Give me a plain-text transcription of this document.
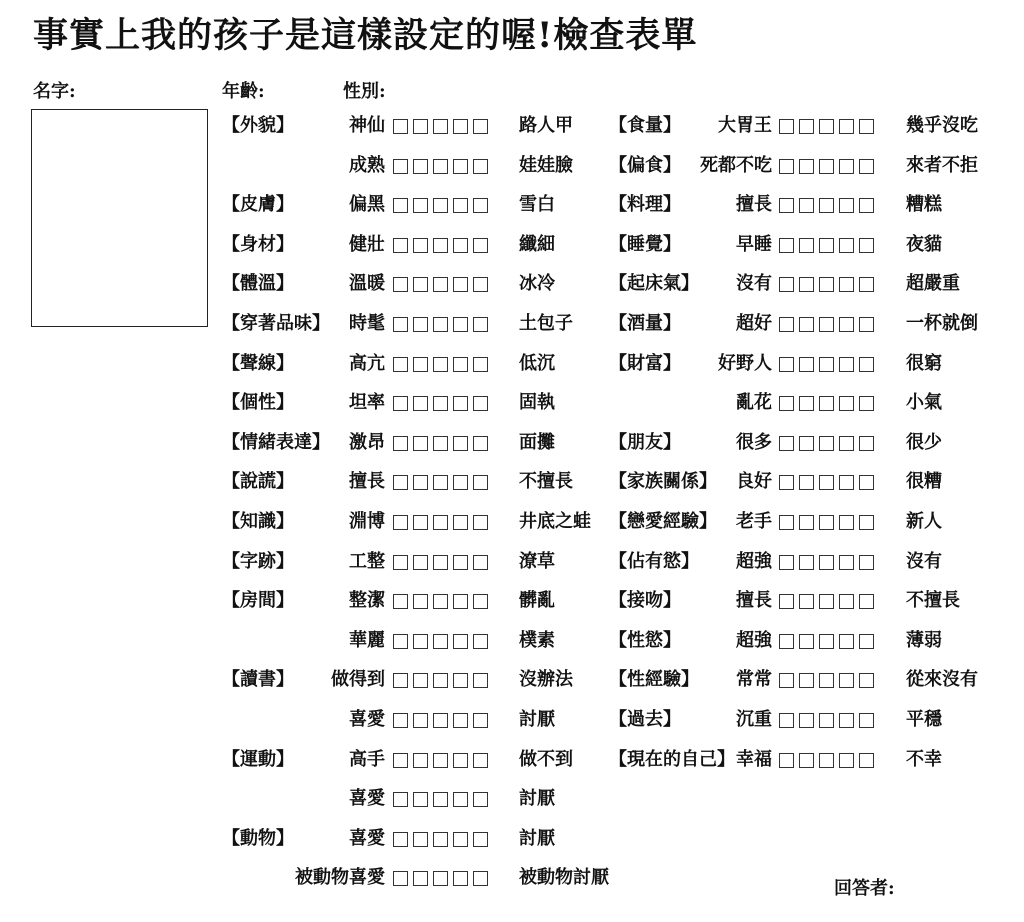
事實上我的孩子是這樣設定的喔!檢查表單
名字:	年齡:	性別:
【外貌】	神仙	路人甲
成熟	娃娃臉
【皮膚】	偏黑	雪白
【身材】	健壯	纖細
【體溫】	溫暖	冰冷
【穿著品味】 時髦	土包子
【聲線】	高亢	低沉
【個性】	坦率	固執
【情緒表達】 激昂	面攤
【說謊】	擅長	不擅長
【知識】	淵博	井底之蛙
【字跡】	工整	潦草
【房間】	整潔	髒亂
華麗	樸素
【讀書】 做得到	沒辦法
喜愛	討厭
【運動】	高手	做不到
喜愛	討厭
【動物】	喜愛	討厭
被動物喜愛	被動物討厭
【食量】 大胃王	幾乎沒吃
【偏食】 死都不吃	來者不拒
【料理】	擅長	糟糕
【睡覺】	早睡	夜貓
【起床氣】 沒有	超嚴重
【酒量】	超好	一杯就倒
【財富】 好野人	很窮
亂花	小氣
【朋友】	很多	很少
【家族關係】 良好	很糟
【戀愛經驗】 老手	新人
【佔有慾】 超強	沒有
【接吻】	擅長	不擅長
【性慾】	超強	薄弱
【性經驗】 常常	從來沒有
【過去】	沉重	平穩
【現在的自己】 幸福	不幸
回答者:
